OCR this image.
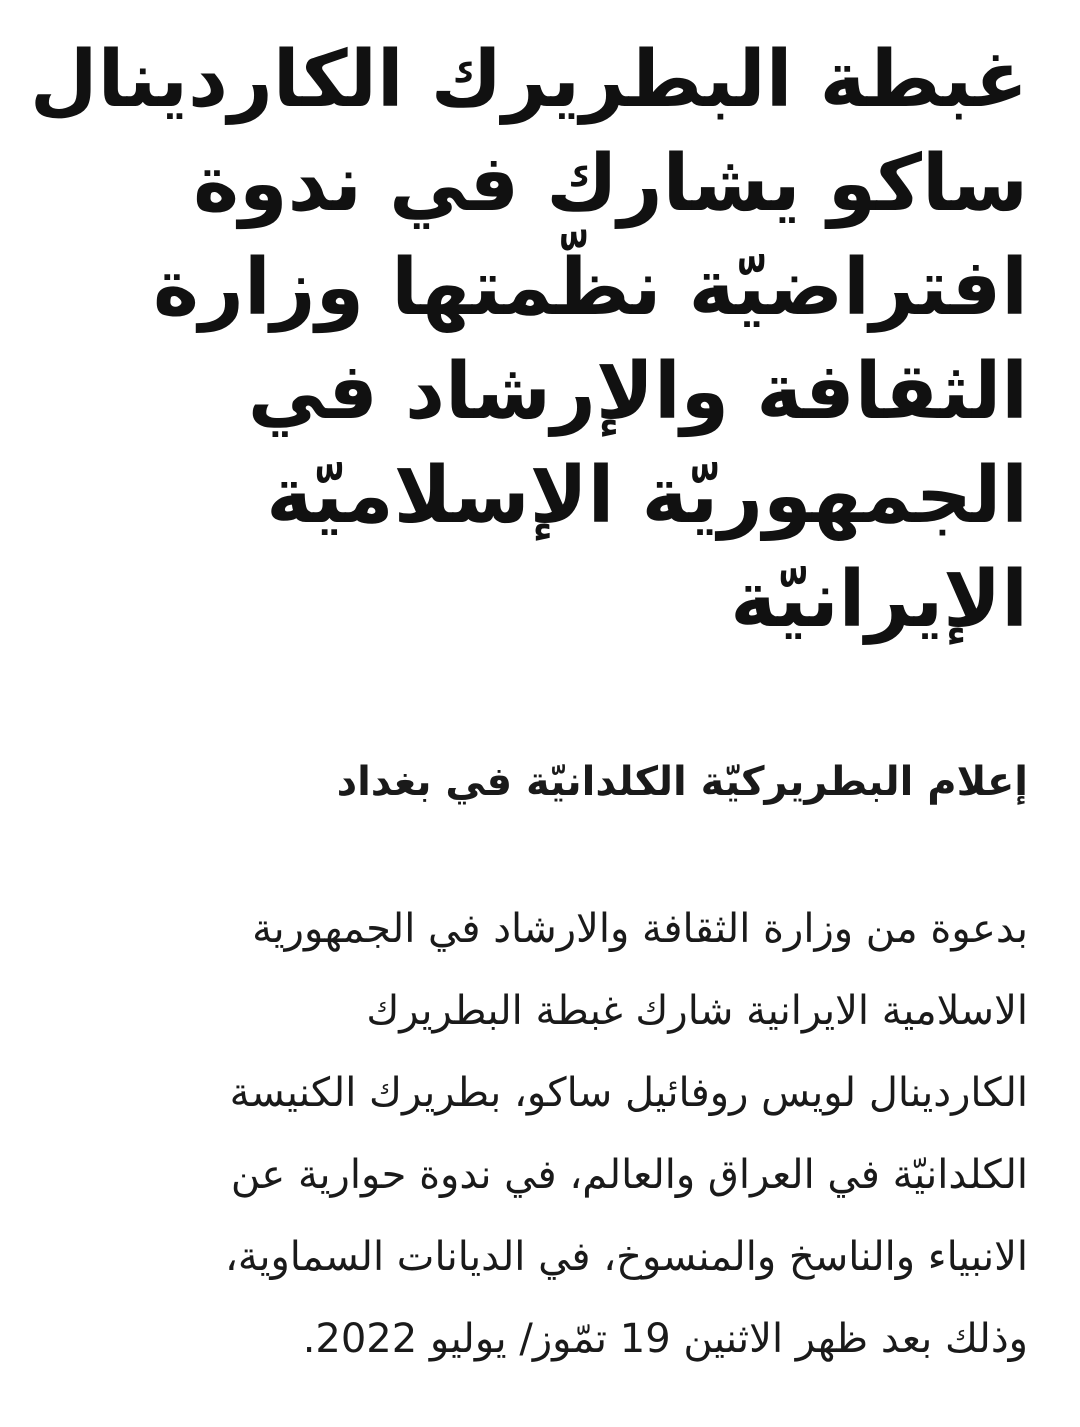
غبطة البطريرك الكاردينال
ساكو يشارك في ندوة
افتراضيّة نظّمتها وزارة
الثقافة والإرشاد في
الجمهوريّة الإسلاميّة
الإيرانيّة

إعلام البطريركيّة الكلدانيّة في بغداد

بدعوة من وزارة الثقافة والارشاد في الجمهورية
الاسلامية الايرانية شارك غبطة البطريرك
الكاردينال لويس روفائيل ساكو، بطريرك الكنيسة
الكلدانيّة في العراق والعالم، في ندوة حوارية عن
الانبياء والناسخ والمنسوخ، في الديانات السماوية،
وذلك بعد ظهر الاثنين 19 تمّوز/ يوليو 2022.
